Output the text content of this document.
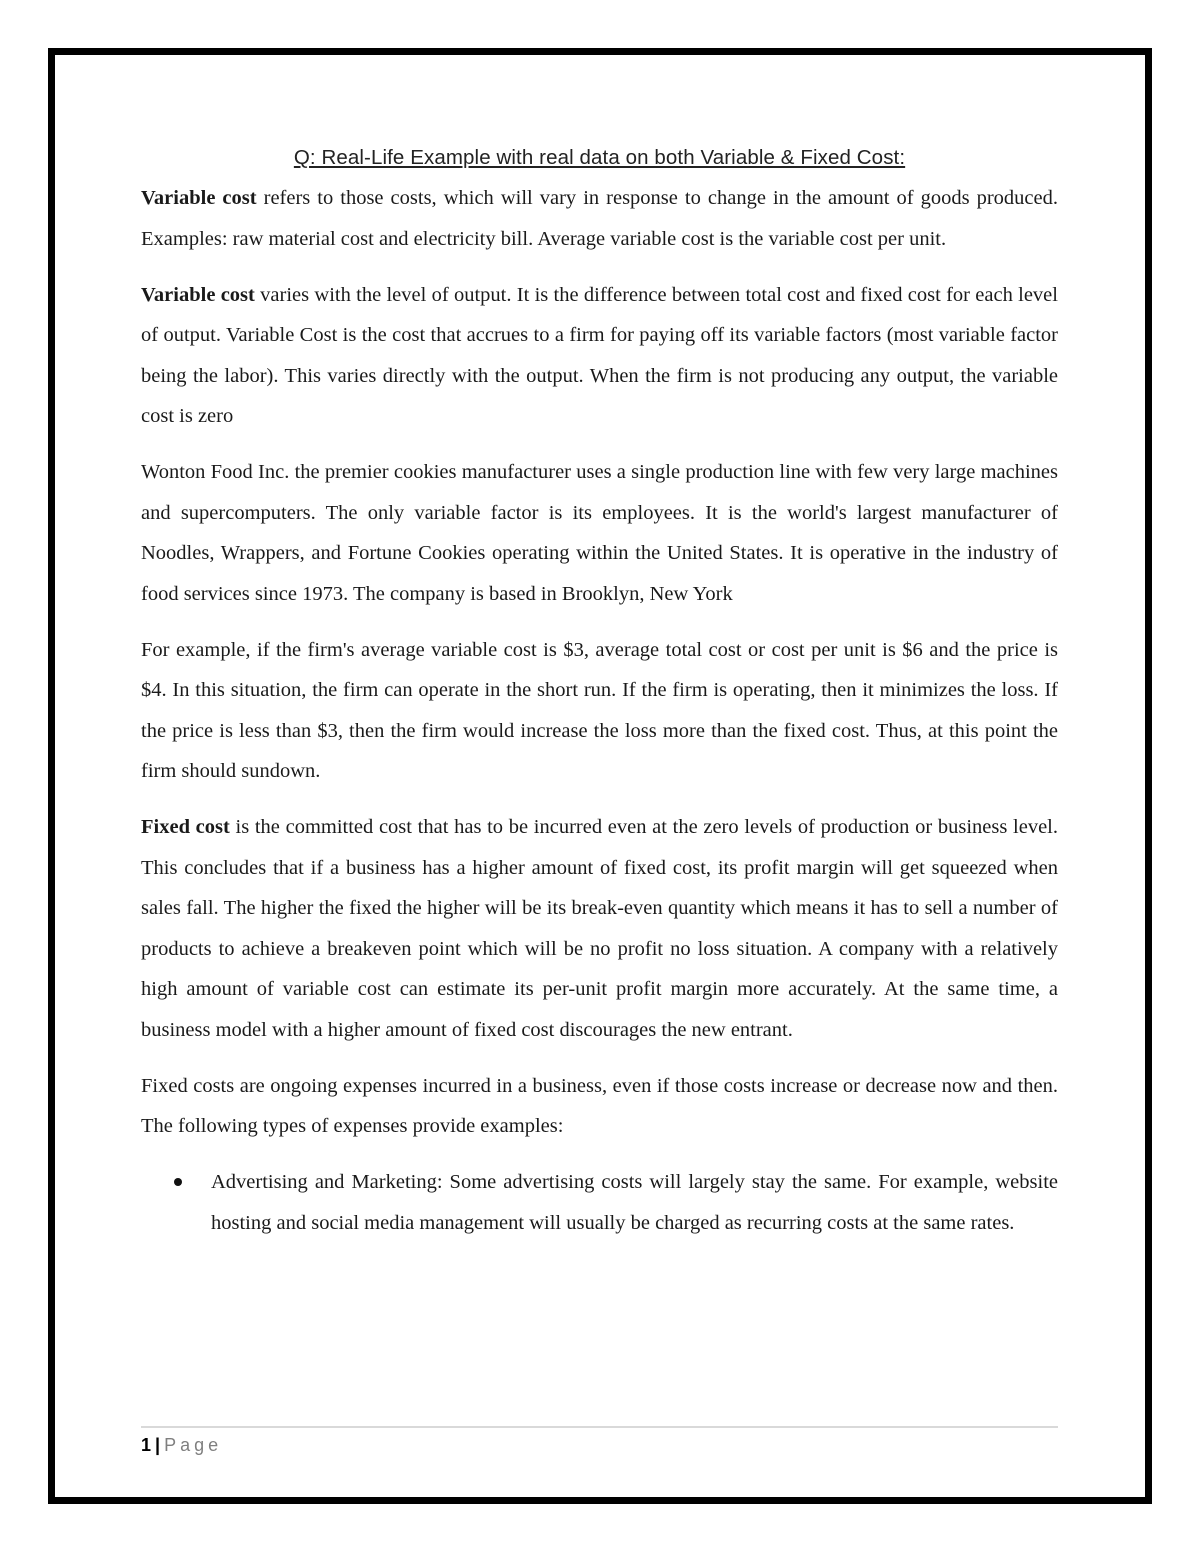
Q: Real-Life Example with real data on both Variable & Fixed Cost:

Variable cost refers to those costs, which will vary in response to change in the amount of goods produced. Examples: raw material cost and electricity bill. Average variable cost is the variable cost per unit.

Variable cost varies with the level of output. It is the difference between total cost and fixed cost for each level of output. Variable Cost is the cost that accrues to a firm for paying off its variable factors (most variable factor being the labor). This varies directly with the output. When the firm is not producing any output, the variable cost is zero

Wonton Food Inc. the premier cookies manufacturer uses a single production line with few very large machines and supercomputers. The only variable factor is its employees. It is the world's largest manufacturer of Noodles, Wrappers, and Fortune Cookies operating within the United States. It is operative in the industry of food services since 1973. The company is based in Brooklyn, New York

For example, if the firm's average variable cost is $3, average total cost or cost per unit is $6 and the price is $4. In this situation, the firm can operate in the short run. If the firm is operating, then it minimizes the loss. If the price is less than $3, then the firm would increase the loss more than the fixed cost. Thus, at this point the firm should sundown.

Fixed cost is the committed cost that has to be incurred even at the zero levels of production or business level. This concludes that if a business has a higher amount of fixed cost, its profit margin will get squeezed when sales fall. The higher the fixed the higher will be its break-even quantity which means it has to sell a number of products to achieve a breakeven point which will be no profit no loss situation. A company with a relatively high amount of variable cost can estimate its per-unit profit margin more accurately. At the same time, a business model with a higher amount of fixed cost discourages the new entrant.

Fixed costs are ongoing expenses incurred in a business, even if those costs increase or decrease now and then. The following types of expenses provide examples:

Advertising and Marketing: Some advertising costs will largely stay the same. For example, website hosting and social media management will usually be charged as recurring costs at the same rates.
1 | Page
